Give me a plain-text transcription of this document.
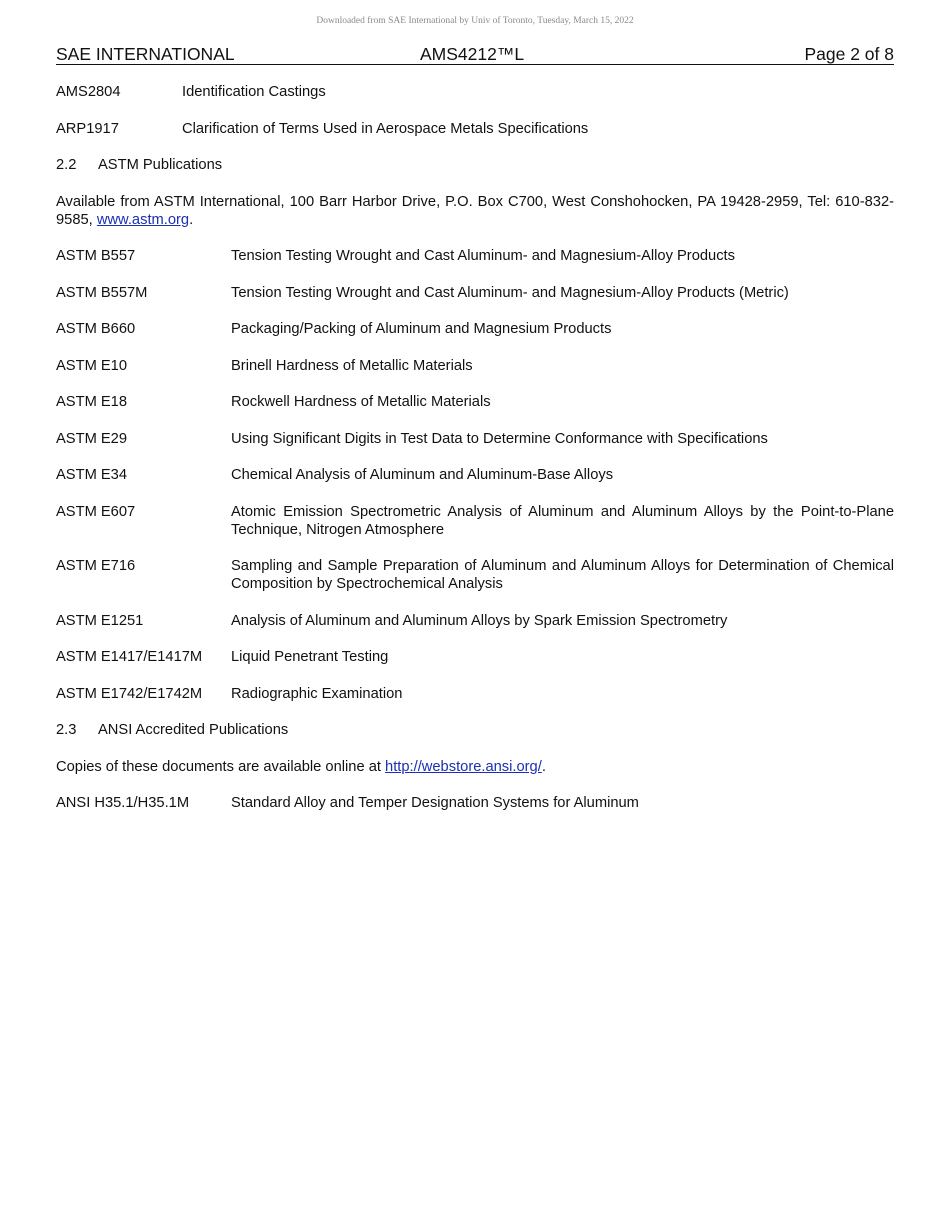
Downloaded from SAE International by Univ of Toronto, Tuesday, March 15, 2022
SAE INTERNATIONAL	AMS4212™L	Page 2 of 8
AMS2804	Identification Castings
ARP1917	Clarification of Terms Used in Aerospace Metals Specifications
2.2	ASTM Publications
Available from ASTM International, 100 Barr Harbor Drive, P.O. Box C700, West Conshohocken, PA 19428-2959, Tel: 610-832-9585, www.astm.org.
ASTM B557	Tension Testing Wrought and Cast Aluminum- and Magnesium-Alloy Products
ASTM B557M	Tension Testing Wrought and Cast Aluminum- and Magnesium-Alloy Products (Metric)
ASTM B660	Packaging/Packing of Aluminum and Magnesium Products
ASTM E10	Brinell Hardness of Metallic Materials
ASTM E18	Rockwell Hardness of Metallic Materials
ASTM E29	Using Significant Digits in Test Data to Determine Conformance with Specifications
ASTM E34	Chemical Analysis of Aluminum and Aluminum-Base Alloys
ASTM E607	Atomic Emission Spectrometric Analysis of Aluminum and Aluminum Alloys by the Point-to-Plane Technique, Nitrogen Atmosphere
ASTM E716	Sampling and Sample Preparation of Aluminum and Aluminum Alloys for Determination of Chemical Composition by Spectrochemical Analysis
ASTM E1251	Analysis of Aluminum and Aluminum Alloys by Spark Emission Spectrometry
ASTM E1417/E1417M	Liquid Penetrant Testing
ASTM E1742/E1742M	Radiographic Examination
2.3	ANSI Accredited Publications
Copies of these documents are available online at http://webstore.ansi.org/.
ANSI H35.1/H35.1M	Standard Alloy and Temper Designation Systems for Aluminum
